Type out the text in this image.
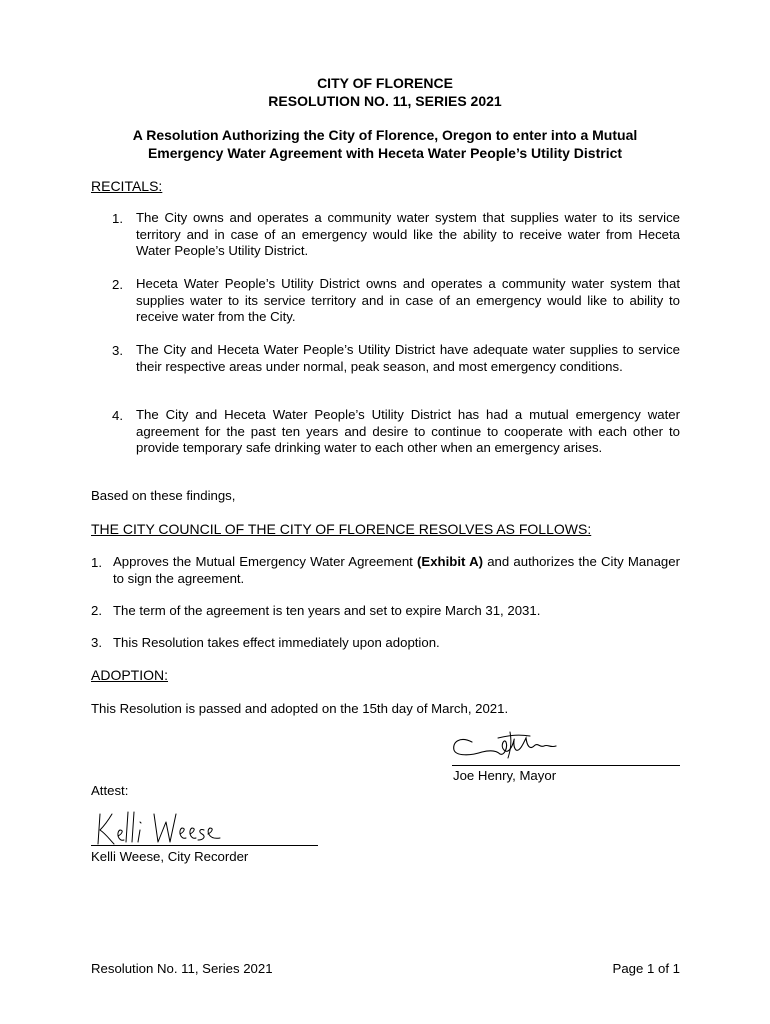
CITY OF FLORENCE
RESOLUTION NO. 11, SERIES 2021
A Resolution Authorizing the City of Florence, Oregon to enter into a Mutual
Emergency Water Agreement with Heceta Water People’s Utility District
RECITALS:
1. The City owns and operates a community water system that supplies water to its service territory and in case of an emergency would like the ability to receive water from Heceta Water People’s Utility District.
2. Heceta Water People’s Utility District owns and operates a community water system that supplies water to its service territory and in case of an emergency would like to ability to receive water from the City.
3. The City and Heceta Water People’s Utility District have adequate water supplies to service their respective areas under normal, peak season, and most emergency conditions.
4. The City and Heceta Water People’s Utility District has had a mutual emergency water agreement for the past ten years and desire to continue to cooperate with each other to provide temporary safe drinking water to each other when an emergency arises.
Based on these findings,
THE CITY COUNCIL OF THE CITY OF FLORENCE RESOLVES AS FOLLOWS:
1. Approves the Mutual Emergency Water Agreement (Exhibit A) and authorizes the City Manager to sign the agreement.
2. The term of the agreement is ten years and set to expire March 31, 2031.
3. This Resolution takes effect immediately upon adoption.
ADOPTION:
This Resolution is passed and adopted on the 15th day of March, 2021.
Joe Henry, Mayor
Attest:
Kelli Weese, City Recorder
Resolution No. 11, Series 2021	Page 1 of 1
